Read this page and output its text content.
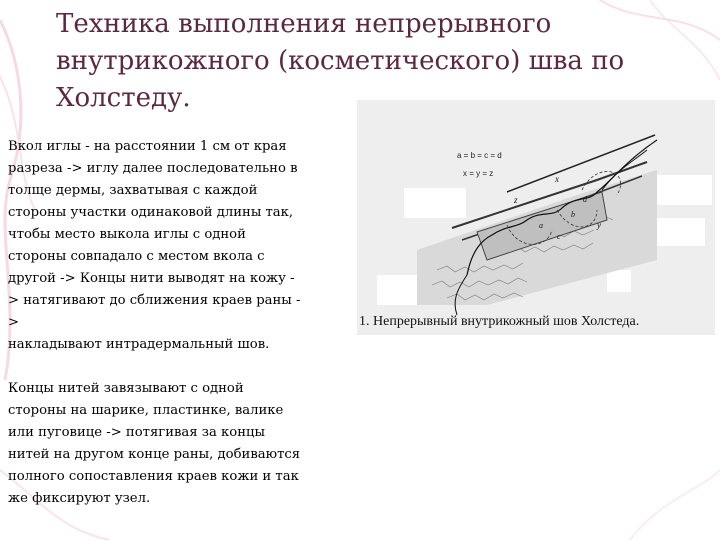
Техника выполнения непрерывного
внутрикожного (косметического) шва по
Холстеду.
Вкол иглы - на расстоянии 1 см от края
разреза -> иглу далее последовательно в
толще дермы, захватывая с каждой
стороны участки одинаковой длины так,
чтобы место выкола иглы с одной
стороны совпадало с местом вкола с
другой -> Концы нити выводят на кожу -
> натягивают до сближения краев раны -
>
накладывают интрадермальный шов.
Концы нитей завязывают с одной
стороны на шарике, пластинке, валике
или пуговице -> потягивая за концы
нитей на другом конце раны, добиваются
полного сопоставления краев кожи и так
же фиксируют узел.
a = b = c = d
x = y = z
x
z
y
a
b
c
d
1. Непрерывный внутрикожный шов Холстеда.
